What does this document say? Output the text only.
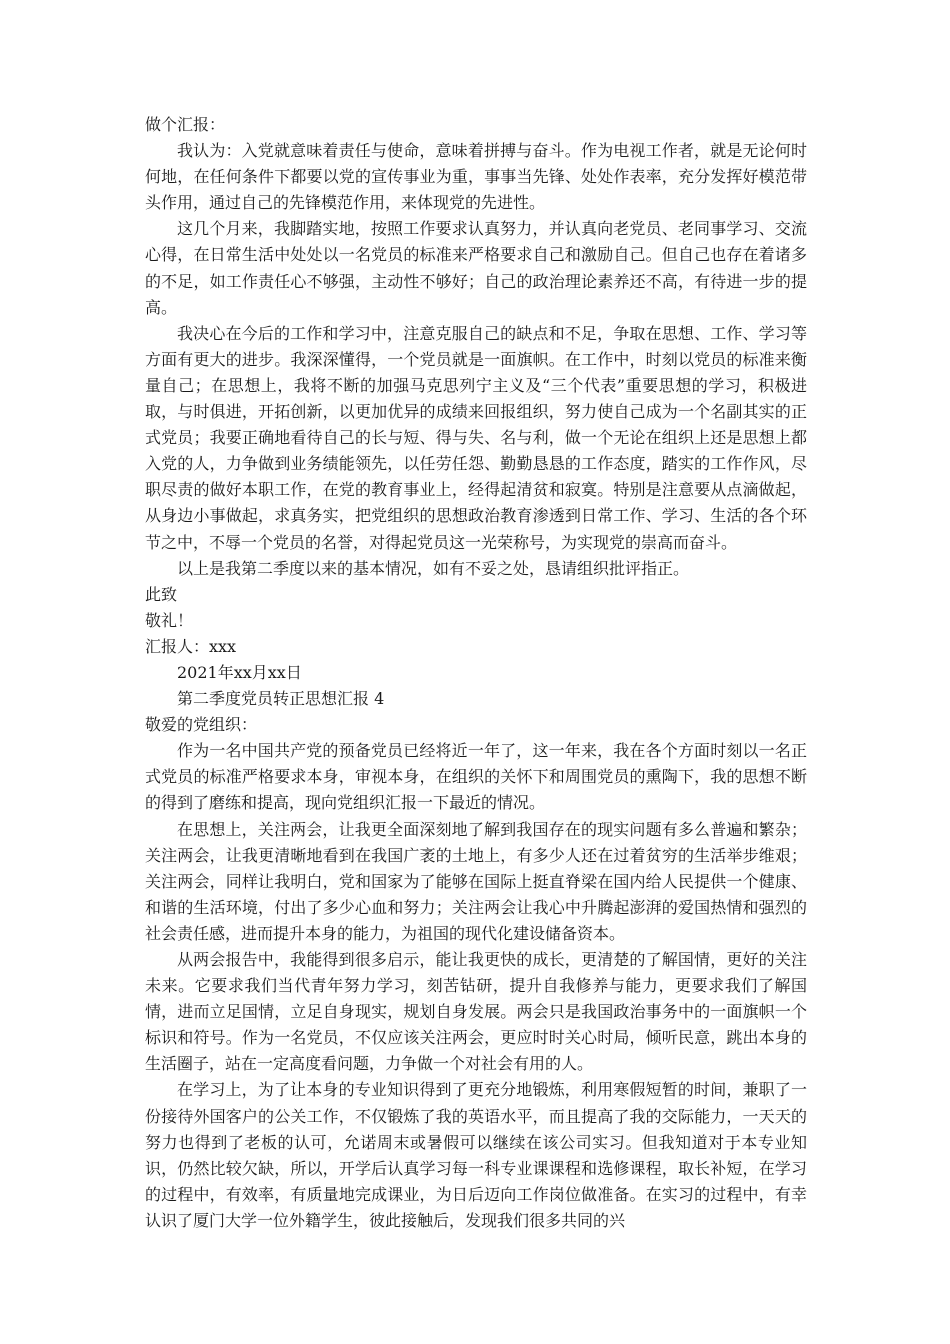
做个汇报：

我认为：入党就意味着责任与使命，意味着拼搏与奋斗。作为电视工作者，就是无论何时何地，在任何条件下都要以党的宣传事业为重，事事当先锋、处处作表率，充分发挥好模范带头作用，通过自己的先锋模范作用，来体现党的先进性。

这几个月来，我脚踏实地，按照工作要求认真努力，并认真向老党员、老同事学习、交流心得，在日常生活中处处以一名党员的标准来严格要求自己和激励自己。但自己也存在着诸多的不足，如工作责任心不够强，主动性不够好；自己的政治理论素养还不高，有待进一步的提高。

我决心在今后的工作和学习中，注意克服自己的缺点和不足，争取在思想、工作、学习等方面有更大的进步。我深深懂得，一个党员就是一面旗帜。在工作中，时刻以党员的标准来衡量自己；在思想上，我将不断的加强马克思列宁主义及“三个代表”重要思想的学习，积极进取，与时俱进，开拓创新，以更加优异的成绩来回报组织，努力使自己成为一个名副其实的正式党员；我要正确地看待自己的长与短、得与失、名与利，做一个无论在组织上还是思想上都入党的人，力争做到业务绩能领先，以任劳任怨、勤勤恳恳的工作态度，踏实的工作作风，尽职尽责的做好本职工作，在党的教育事业上，经得起清贫和寂寞。特别是注意要从点滴做起，从身边小事做起，求真务实，把党组织的思想政治教育渗透到日常工作、学习、生活的各个环节之中，不辱一个党员的名誉，对得起党员这一光荣称号，为实现党的崇高而奋斗。

以上是我第二季度以来的基本情况，如有不妥之处，恳请组织批评指正。

此致

敬礼！

汇报人：xxx

2021年xx月xx日

第二季度党员转正思想汇报 4

敬爱的党组织：

作为一名中国共产党的预备党员已经将近一年了，这一年来，我在各个方面时刻以一名正式党员的标准严格要求本身，审视本身，在组织的关怀下和周围党员的熏陶下，我的思想不断的得到了磨练和提高，现向党组织汇报一下最近的情况。

在思想上，关注两会，让我更全面深刻地了解到我国存在的现实问题有多么普遍和繁杂；关注两会，让我更清晰地看到在我国广袤的土地上，有多少人还在过着贫穷的生活举步维艰；关注两会，同样让我明白，党和国家为了能够在国际上挺直脊梁在国内给人民提供一个健康、和谐的生活环境，付出了多少心血和努力；关注两会让我心中升腾起澎湃的爱国热情和强烈的社会责任感，进而提升本身的能力，为祖国的现代化建设储备资本。

从两会报告中，我能得到很多启示，能让我更快的成长，更清楚的了解国情，更好的关注未来。它要求我们当代青年努力学习，刻苦钻研，提升自我修养与能力，更要求我们了解国情，进而立足国情，立足自身现实，规划自身发展。两会只是我国政治事务中的一面旗帜一个标识和符号。作为一名党员，不仅应该关注两会，更应时时关心时局，倾听民意，跳出本身的生活圈子，站在一定高度看问题，力争做一个对社会有用的人。

在学习上，为了让本身的专业知识得到了更充分地锻炼，利用寒假短暂的时间，兼职了一份接待外国客户的公关工作，不仅锻炼了我的英语水平，而且提高了我的交际能力，一天天的努力也得到了老板的认可，允诺周末或暑假可以继续在该公司实习。但我知道对于本专业知识，仍然比较欠缺，所以，开学后认真学习每一科专业课课程和选修课程，取长补短，在学习的过程中，有效率，有质量地完成课业，为日后迈向工作岗位做准备。在实习的过程中，有幸认识了厦门大学一位外籍学生，彼此接触后，发现我们很多共同的兴
